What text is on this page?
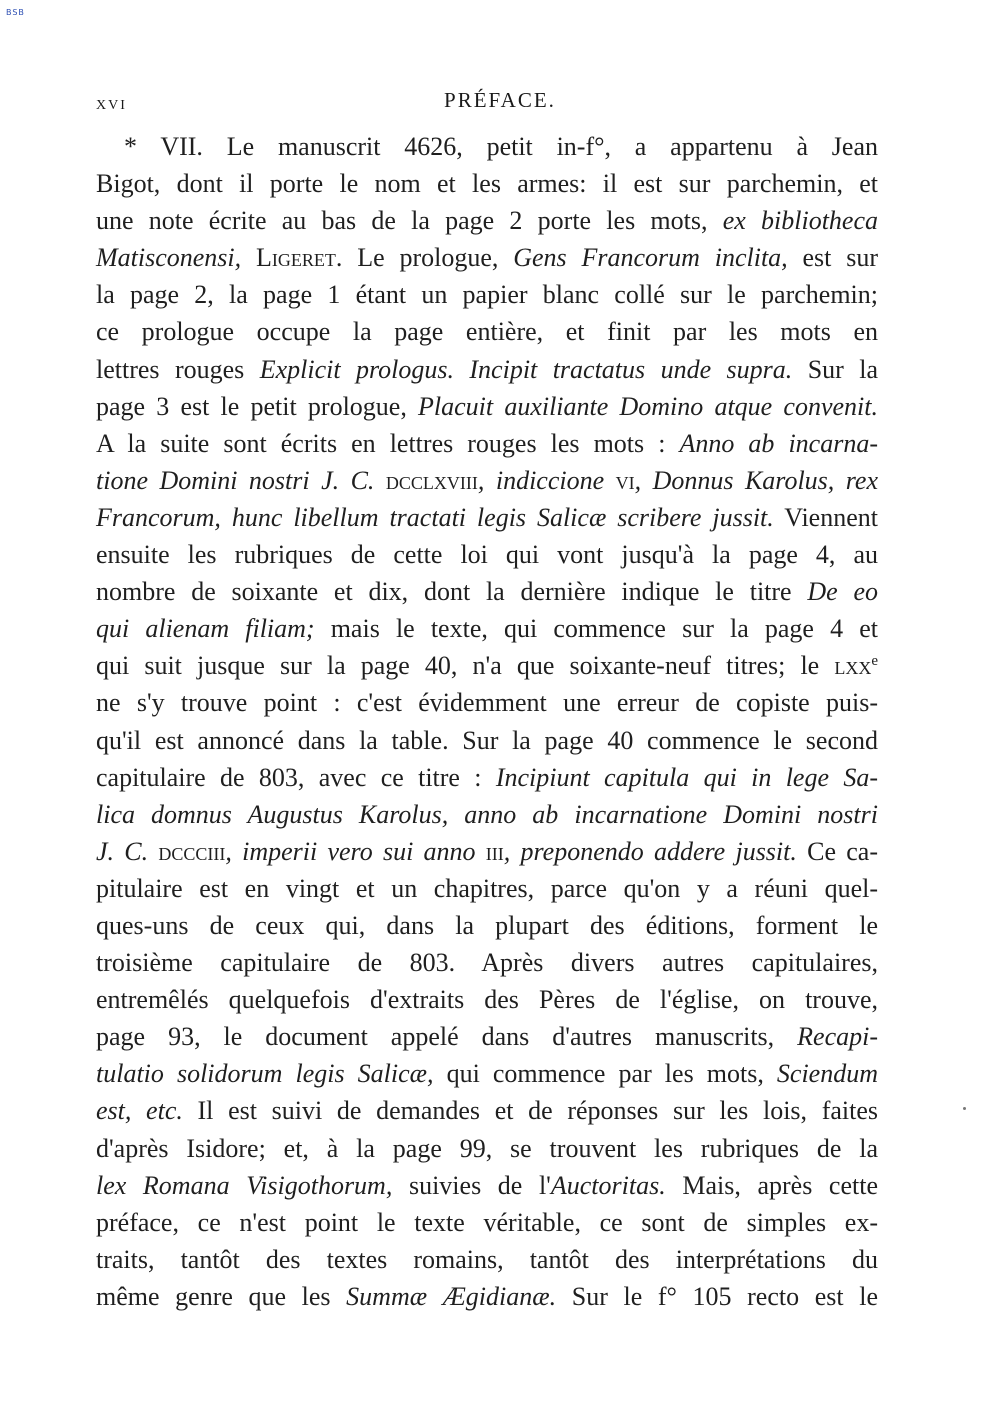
BSB
XVI	PRÉFACE.
* VII. Le manuscrit 4626, petit in-f°, a appartenu à Jean
Bigot, dont il porte le nom et les armes: il est sur parchemin, et
une note écrite au bas de la page 2 porte les mots, ex bibliotheca
Matisconensi, Ligeret. Le prologue, Gens Francorum inclita, est sur
la page 2, la page 1 étant un papier blanc collé sur le parchemin;
ce prologue occupe la page entière, et finit par les mots en
lettres rouges Explicit prologus. Incipit tractatus unde supra. Sur la
page 3 est le petit prologue, Placuit auxiliante Domino atque convenit.
A la suite sont écrits en lettres rouges les mots : Anno ab incarna-
tione Domini nostri J. C. dcclxviii, indiccione vi, Donnus Karolus, rex
Francorum, hunc libellum tractati legis Salicæ scribere jussit. Viennent
ensuite les rubriques de cette loi qui vont jusqu'à la page 4, au
nombre de soixante et dix, dont la dernière indique le titre De eo
qui alienam filiam; mais le texte, qui commence sur la page 4 et
qui suit jusque sur la page 40, n'a que soixante-neuf titres; le lxx$^e$
ne s'y trouve point : c'est évidemment une erreur de copiste puis-
qu'il est annoncé dans la table. Sur la page 40 commence le second
capitulaire de 803, avec ce titre : Incipiunt capitula qui in lege Sa-
lica domnus Augustus Karolus, anno ab incarnatione Domini nostri
J. C. dccciii, imperii vero sui anno iii, preponendo addere jussit. Ce ca-
pitulaire est en vingt et un chapitres, parce qu'on y a réuni quel-
ques-uns de ceux qui, dans la plupart des éditions, forment le
troisième capitulaire de 803. Après divers autres capitulaires,
entremêlés quelquefois d'extraits des Pères de l'église, on trouve,
page 93, le document appelé dans d'autres manuscrits, Recapi-
tulatio solidorum legis Salicæ, qui commence par les mots, Sciendum
est, etc. Il est suivi de demandes et de réponses sur les lois, faites
d'après Isidore; et, à la page 99, se trouvent les rubriques de la
lex Romana Visigothorum, suivies de l'Auctoritas. Mais, après cette
préface, ce n'est point le texte véritable, ce sont de simples ex-
traits, tantôt des textes romains, tantôt des interprétations du
même genre que les Summæ Ægidianæ. Sur le f° 105 recto est le
